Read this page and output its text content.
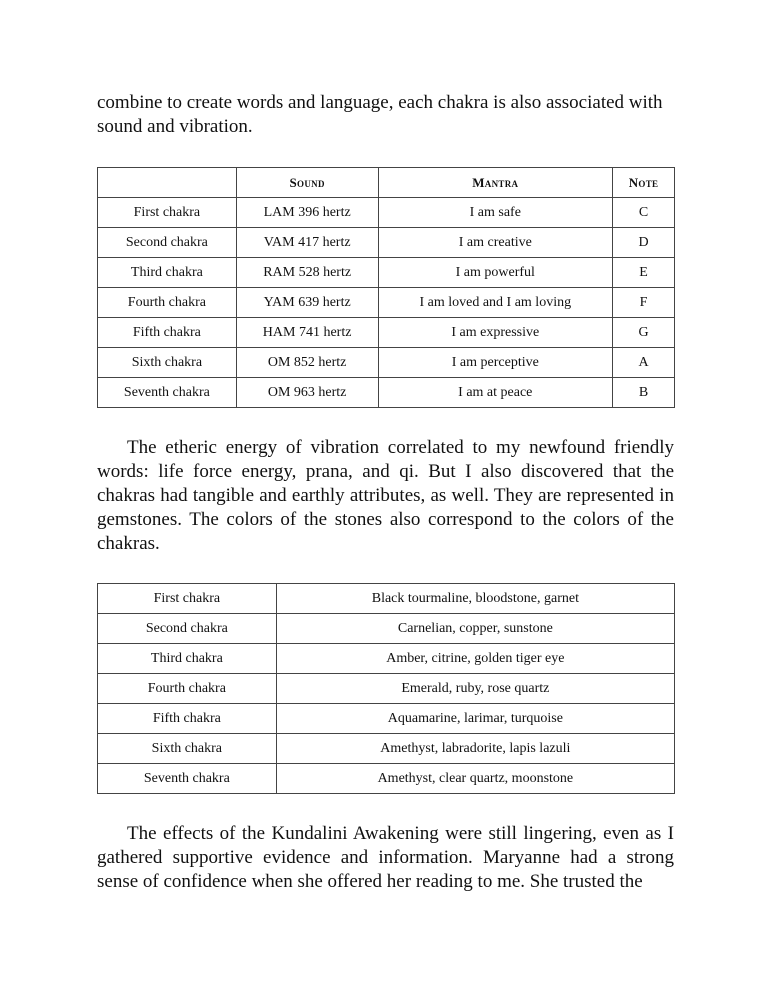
combine to create words and language, each chakra is also associated with sound and vibration.

	Sound	Mantra	Note
First chakra	LAM 396 hertz	I am safe	C
Second chakra	VAM 417 hertz	I am creative	D
Third chakra	RAM 528 hertz	I am powerful	E
Fourth chakra	YAM 639 hertz	I am loved and I am loving	F
Fifth chakra	HAM 741 hertz	I am expressive	G
Sixth chakra	OM 852 hertz	I am perceptive	A
Seventh chakra	OM 963 hertz	I am at peace	B

The etheric energy of vibration correlated to my newfound friendly words: life force energy, prana, and qi. But I also discovered that the chakras had tangible and earthly attributes, as well. They are represented in gemstones. The colors of the stones also correspond to the colors of the chakras.

First chakra	Black tourmaline, bloodstone, garnet
Second chakra	Carnelian, copper, sunstone
Third chakra	Amber, citrine, golden tiger eye
Fourth chakra	Emerald, ruby, rose quartz
Fifth chakra	Aquamarine, larimar, turquoise
Sixth chakra	Amethyst, labradorite, lapis lazuli
Seventh chakra	Amethyst, clear quartz, moonstone

The effects of the Kundalini Awakening were still lingering, even as I gathered supportive evidence and information. Maryanne had a strong sense of confidence when she offered her reading to me. She trusted the
